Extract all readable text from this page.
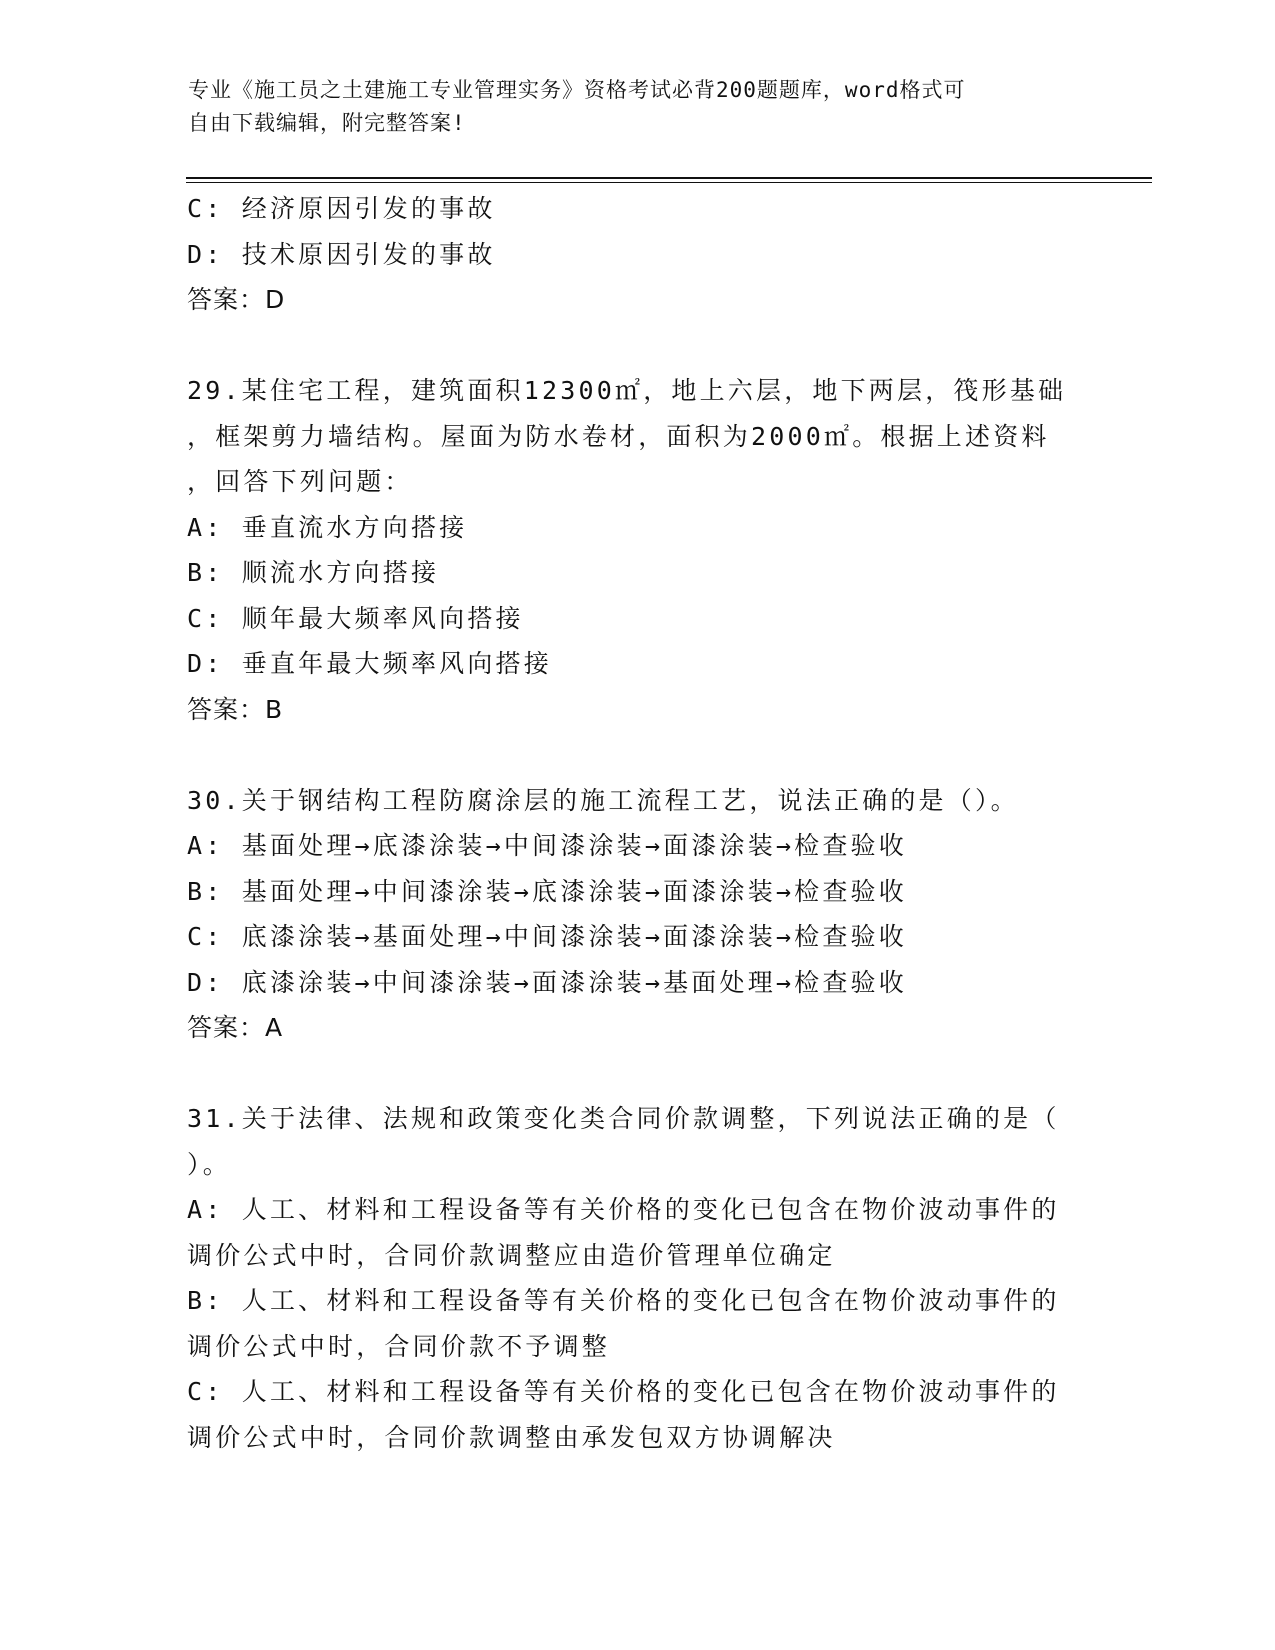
专业《施工员之土建施工专业管理实务》资格考试必背200题题库，word格式可
自由下载编辑，附完整答案!
C: 经济原因引发的事故
D: 技术原因引发的事故
答案：D
29.某住宅工程，建筑面积12300㎡，地上六层，地下两层，筏形基础
，框架剪力墙结构。屋面为防水卷材，面积为2000㎡。根据上述资料
，回答下列问题：
A: 垂直流水方向搭接
B: 顺流水方向搭接
C: 顺年最大频率风向搭接
D: 垂直年最大频率风向搭接
答案：B
30.关于钢结构工程防腐涂层的施工流程工艺，说法正确的是（）。
A: 基面处理→底漆涂装→中间漆涂装→面漆涂装→检查验收
B: 基面处理→中间漆涂装→底漆涂装→面漆涂装→检查验收
C: 底漆涂装→基面处理→中间漆涂装→面漆涂装→检查验收
D: 底漆涂装→中间漆涂装→面漆涂装→基面处理→检查验收
答案：A
31.关于法律、法规和政策变化类合同价款调整，下列说法正确的是（
）。
A: 人工、材料和工程设备等有关价格的变化已包含在物价波动事件的
调价公式中时，合同价款调整应由造价管理单位确定
B: 人工、材料和工程设备等有关价格的变化已包含在物价波动事件的
调价公式中时，合同价款不予调整
C: 人工、材料和工程设备等有关价格的变化已包含在物价波动事件的
调价公式中时，合同价款调整由承发包双方协调解决
